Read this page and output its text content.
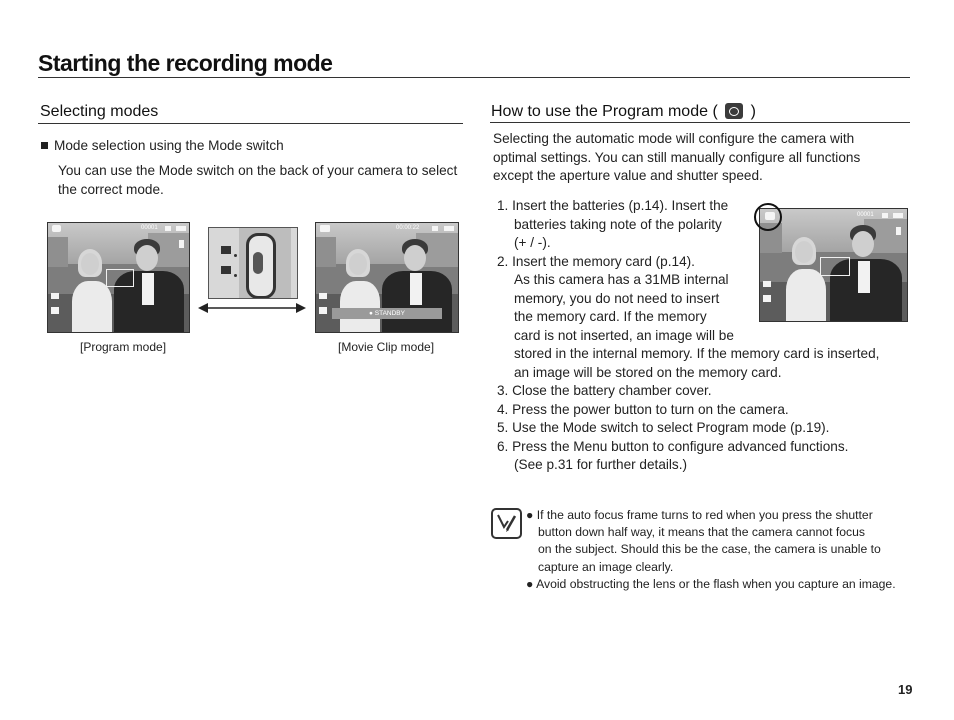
Starting the recording mode
Selecting modes
Mode selection using the Mode switch
You can use the Mode switch on the back of your camera to select
the correct mode.
00001	00:00:22
● STANDBY
[Program mode]	[Movie Clip mode]
How to use the Program mode ( )
Selecting the automatic mode will configure the camera with
optimal settings. You can still manually configure all functions
except the aperture value and shutter speed.
1. Insert the batteries (p.14). Insert the
batteries taking note of the polarity
(+ / -).
2. Insert the memory card (p.14).
As this camera has a 31MB internal
memory, you do not need to insert
the memory card. If the memory
card is not inserted, an image will be
stored in the internal memory. If the memory card is inserted,
an image will be stored on the memory card.
3. Close the battery chamber cover.
4. Press the power button to turn on the camera.
5. Use the Mode switch to select Program mode (p.19).
6. Press the Menu button to configure advanced functions.
(See p.31 for further details.)
00001
● If the auto focus frame turns to red when you press the shutter
button down half way, it means that the camera cannot focus
on the subject. Should this be the case, the camera is unable to
capture an image clearly.
● Avoid obstructing the lens or the flash when you capture an image.
19
